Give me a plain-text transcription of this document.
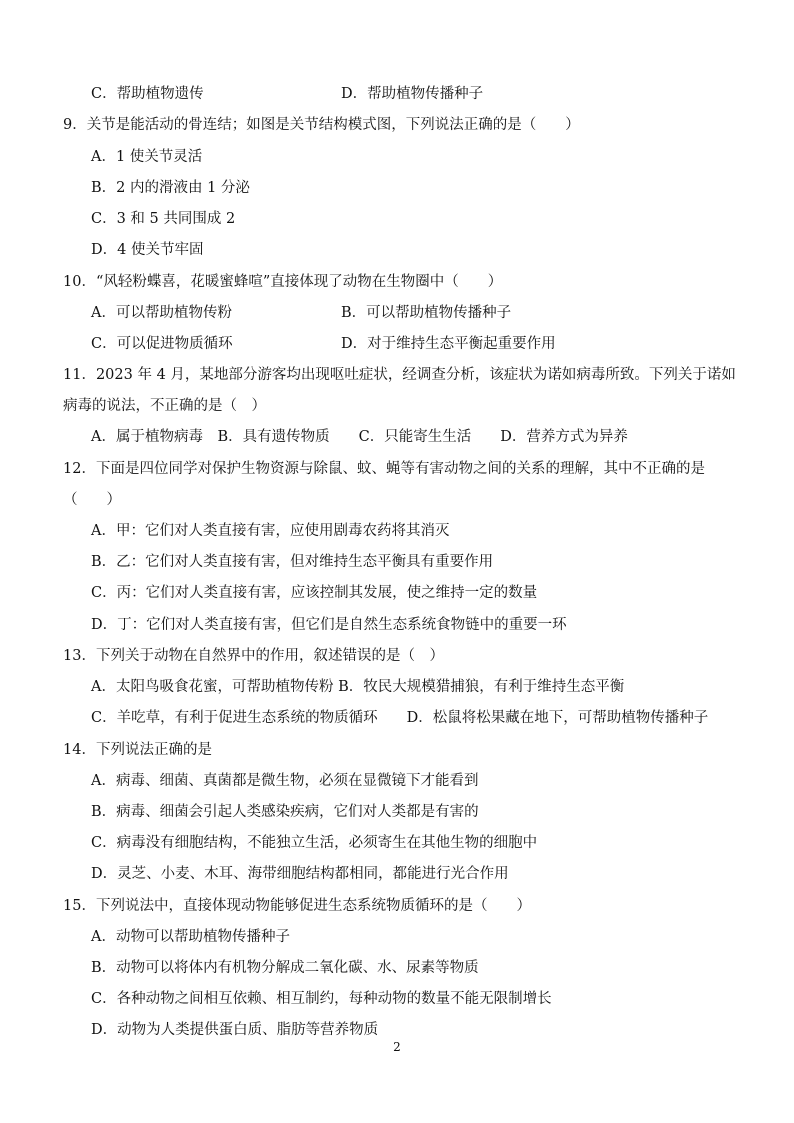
C．帮助植物遗传	D．帮助植物传播种子
9．关节是能活动的骨连结；如图是关节结构模式图，下列说法正确的是（　　）
A．1 使关节灵活
B．2 内的滑液由 1 分泌
C．3 和 5 共同围成 2
D．4 使关节牢固
10．“风轻粉蝶喜，花暖蜜蜂喧”直接体现了动物在生物圈中（　　）
A．可以帮助植物传粉	B．可以帮助植物传播种子
C．可以促进物质循环	D．对于维持生态平衡起重要作用
11．2023 年 4 月，某地部分游客均出现呕吐症状，经调查分析，该症状为诺如病毒所致。下列关于诺如
病毒的说法，不正确的是（　）
A．属于植物病毒　B．具有遗传物质　　C．只能寄生生活　　D．营养方式为异养
12．下面是四位同学对保护生物资源与除鼠、蚊、蝇等有害动物之间的关系的理解，其中不正确的是
（　　）
A．甲：它们对人类直接有害，应使用剧毒农药将其消灭
B．乙：它们对人类直接有害，但对维持生态平衡具有重要作用
C．丙：它们对人类直接有害，应该控制其发展，使之维持一定的数量
D．丁：它们对人类直接有害，但它们是自然生态系统食物链中的重要一环
13．下列关于动物在自然界中的作用，叙述错误的是（　）
A．太阳鸟吸食花蜜，可帮助植物传粉 B．牧民大规模猎捕狼，有利于维持生态平衡
C．羊吃草，有利于促进生态系统的物质循环　　D．松鼠将松果藏在地下，可帮助植物传播种子
14．下列说法正确的是
A．病毒、细菌、真菌都是微生物，必须在显微镜下才能看到
B．病毒、细菌会引起人类感染疾病，它们对人类都是有害的
C．病毒没有细胞结构，不能独立生活，必须寄生在其他生物的细胞中
D．灵芝、小麦、木耳、海带细胞结构都相同，都能进行光合作用
15．下列说法中，直接体现动物能够促进生态系统物质循环的是（　　）
A．动物可以帮助植物传播种子
B．动物可以将体内有机物分解成二氧化碳、水、尿素等物质
C．各种动物之间相互依赖、相互制约，每种动物的数量不能无限制增长
D．动物为人类提供蛋白质、脂肪等营养物质
2
